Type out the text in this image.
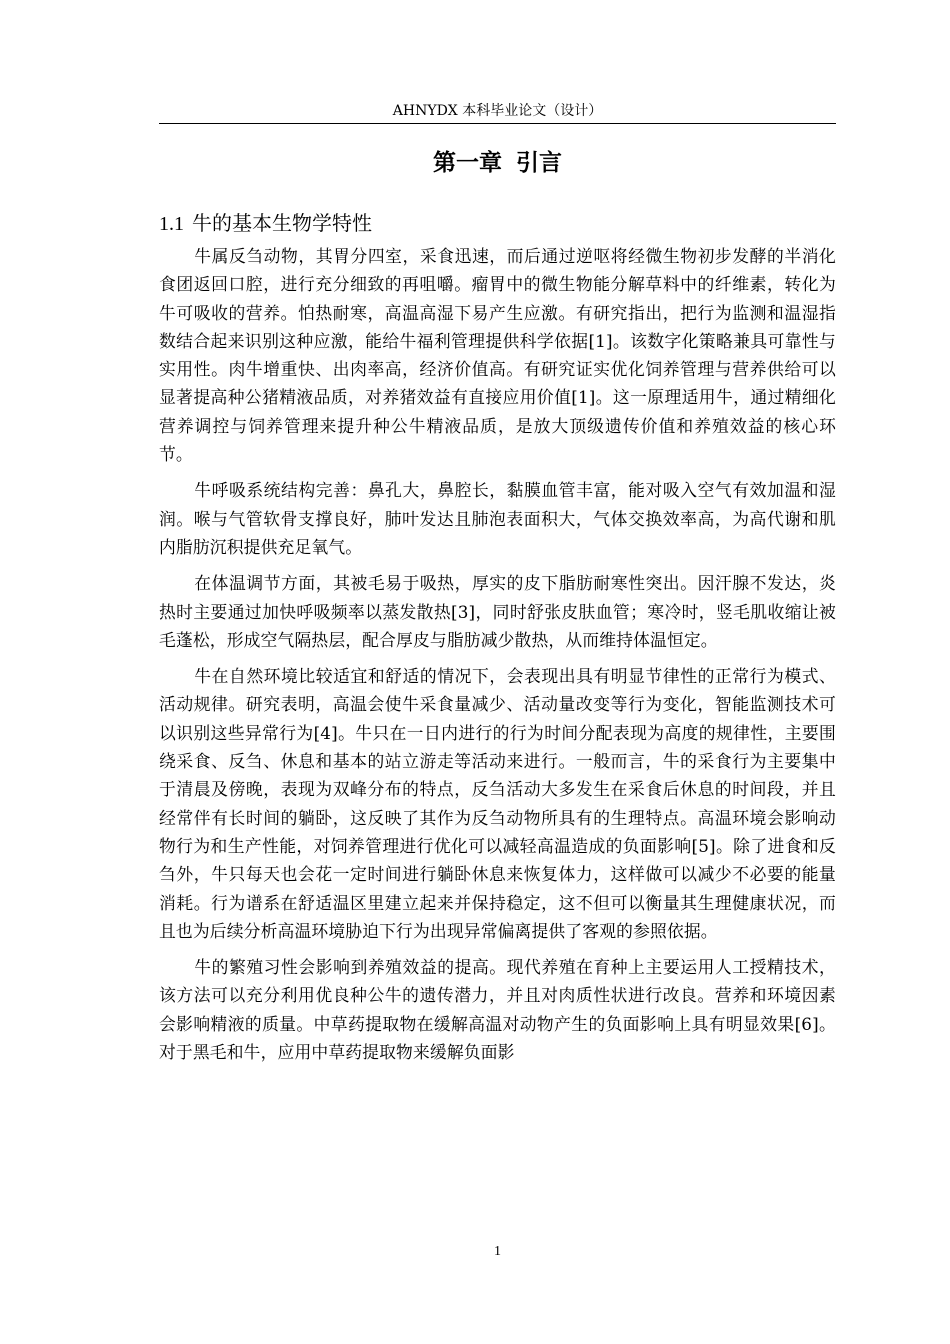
AHNYDX 本科毕业论文（设计）
第一章 引言
1.1 牛的基本生物学特性

牛属反刍动物，其胃分四室，采食迅速，而后通过逆呕将经微生物初步发酵的半消化食团返回口腔，进行充分细致的再咀嚼。瘤胃中的微生物能分解草料中的纤维素，转化为牛可吸收的营养。怕热耐寒，高温高湿下易产生应激。有研究指出，把行为监测和温湿指数结合起来识别这种应激，能给牛福利管理提供科学依据[1]。该数字化策略兼具可靠性与实用性。肉牛增重快、出肉率高，经济价值高。有研究证实优化饲养管理与营养供给可以显著提高种公猪精液品质，对养猪效益有直接应用价值[1]。这一原理适用牛，通过精细化营养调控与饲养管理来提升种公牛精液品质，是放大顶级遗传价值和养殖效益的核心环节。

牛呼吸系统结构完善：鼻孔大，鼻腔长，黏膜血管丰富，能对吸入空气有效加温和湿润。喉与气管软骨支撑良好，肺叶发达且肺泡表面积大，气体交换效率高，为高代谢和肌内脂肪沉积提供充足氧气。

在体温调节方面，其被毛易于吸热，厚实的皮下脂肪耐寒性突出。因汗腺不发达，炎热时主要通过加快呼吸频率以蒸发散热[3]，同时舒张皮肤血管；寒冷时，竖毛肌收缩让被毛蓬松，形成空气隔热层，配合厚皮与脂肪减少散热，从而维持体温恒定。

牛在自然环境比较适宜和舒适的情况下，会表现出具有明显节律性的正常行为模式、活动规律。研究表明，高温会使牛采食量减少、活动量改变等行为变化，智能监测技术可以识别这些异常行为[4]。牛只在一日内进行的行为时间分配表现为高度的规律性，主要围绕采食、反刍、休息和基本的站立游走等活动来进行。一般而言，牛的采食行为主要集中于清晨及傍晚，表现为双峰分布的特点，反刍活动大多发生在采食后休息的时间段，并且经常伴有长时间的躺卧，这反映了其作为反刍动物所具有的生理特点。高温环境会影响动物行为和生产性能，对饲养管理进行优化可以减轻高温造成的负面影响[5]。除了进食和反刍外，牛只每天也会花一定时间进行躺卧休息来恢复体力，这样做可以减少不必要的能量消耗。行为谱系在舒适温区里建立起来并保持稳定，这不但可以衡量其生理健康状况，而且也为后续分析高温环境胁迫下行为出现异常偏离提供了客观的参照依据。

牛的繁殖习性会影响到养殖效益的提高。现代养殖在育种上主要运用人工授精技术，该方法可以充分利用优良种公牛的遗传潜力，并且对肉质性状进行改良。营养和环境因素会影响精液的质量。中草药提取物在缓解高温对动物产生的负面影响上具有明显效果[6]。对于黑毛和牛，应用中草药提取物来缓解负面影

1
